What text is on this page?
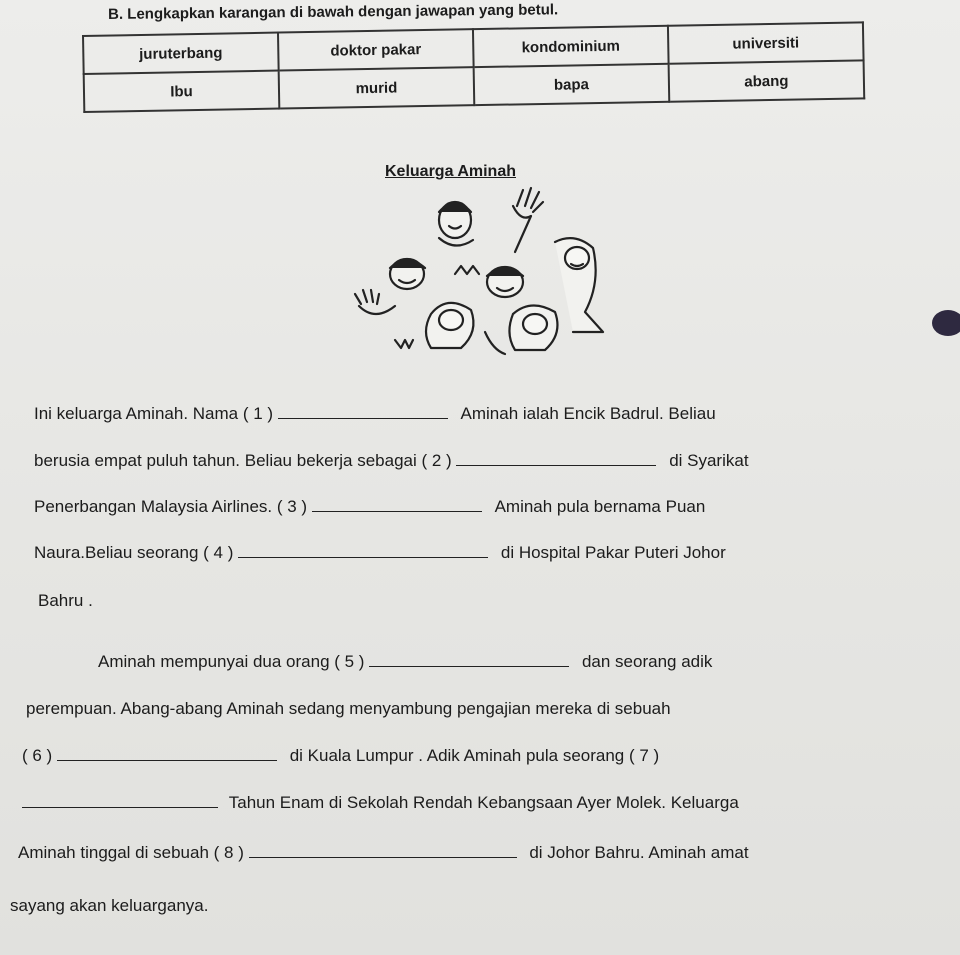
B. Lengkapkan karangan di bawah dengan jawapan yang betul.
juruterbang	doktor pakar	kondominium	universiti
Ibu	murid	bapa	abang
Keluarga Aminah
Ini keluarga Aminah. Nama ( 1 )	Aminah ialah Encik Badrul. Beliau
berusia empat puluh tahun. Beliau bekerja sebagai ( 2 )	di Syarikat
Penerbangan Malaysia Airlines. ( 3 )	Aminah pula bernama Puan
Naura.Beliau seorang ( 4 )	di Hospital Pakar Puteri Johor
Bahru .
Aminah mempunyai dua orang ( 5 )	dan seorang adik
perempuan. Abang-abang Aminah sedang menyambung pengajian mereka di sebuah
( 6 )	di Kuala Lumpur . Adik Aminah pula seorang ( 7 )
Tahun Enam di Sekolah Rendah Kebangsaan Ayer Molek. Keluarga
Aminah tinggal di sebuah ( 8 )	di Johor Bahru. Aminah amat
sayang akan keluarganya.
